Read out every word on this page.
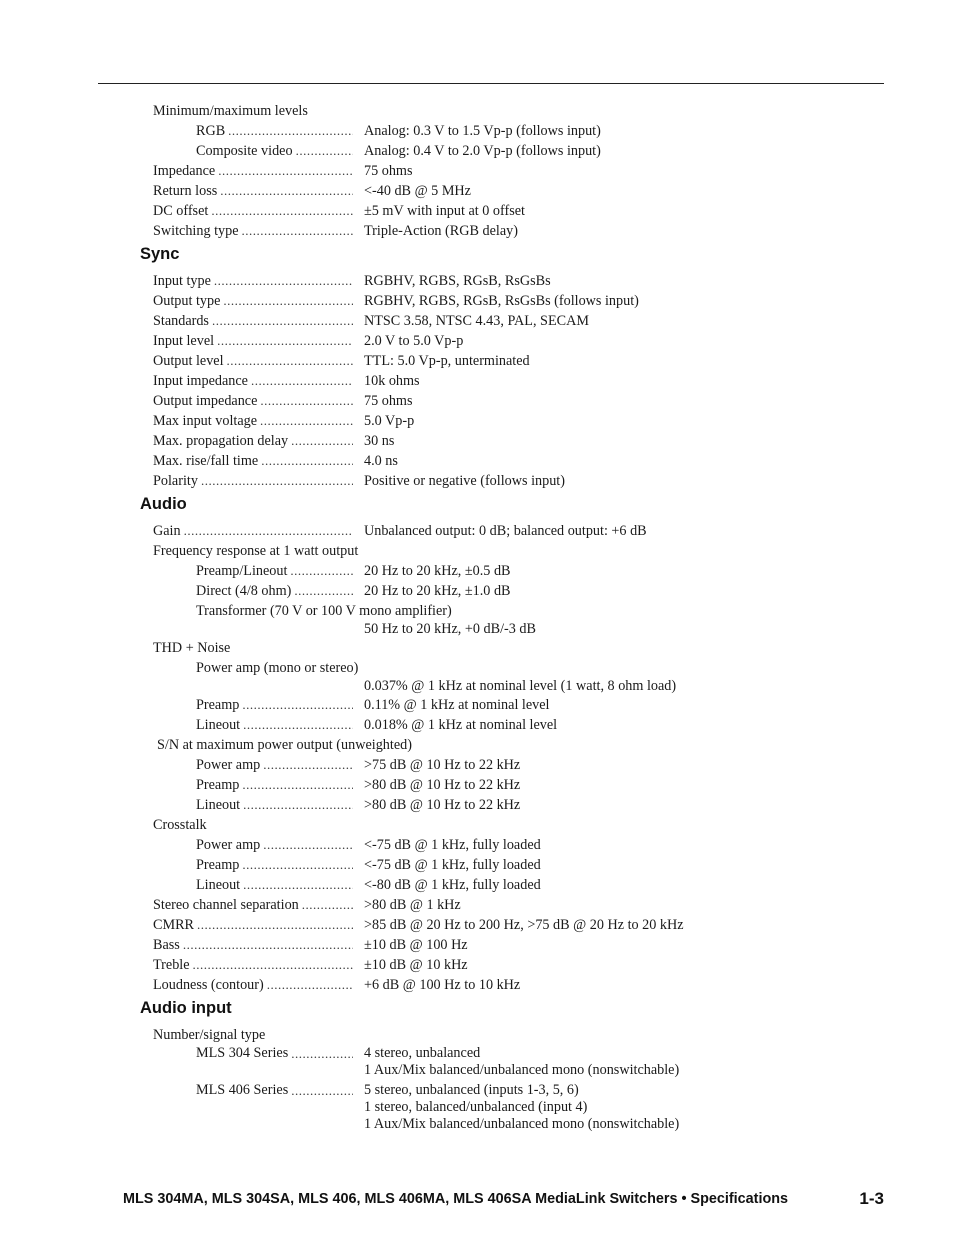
Minimum/maximum levels
RGB .....	Analog: 0.3 V to 1.5 Vp-p (follows input)
Composite video .....	Analog: 0.4 V to 2.0 Vp-p (follows input)
Impedance .....	75 ohms
Return loss .....	<-40 dB @ 5 MHz
DC offset .....	±5 mV with input at 0 offset
Switching type .....	Triple-Action (RGB delay)
Sync
Input type .....	RGBHV, RGBS, RGsB, RsGsBs
Output type .....	RGBHV, RGBS, RGsB, RsGsBs (follows input)
Standards .....	NTSC 3.58, NTSC 4.43, PAL, SECAM
Input level .....	2.0 V to 5.0 Vp-p
Output level .....	TTL: 5.0 Vp-p, unterminated
Input impedance .....	10k ohms
Output impedance .....	75 ohms
Max input voltage .....	5.0 Vp-p
Max. propagation delay .....	30 ns
Max. rise/fall time .....	4.0 ns
Polarity .....	Positive or negative (follows input)
Audio
Gain .....	Unbalanced output: 0 dB; balanced output: +6 dB
Frequency response at 1 watt output
Preamp/Lineout .....	20 Hz to 20 kHz, ±0.5 dB
Direct (4/8 ohm) .....	20 Hz to 20 kHz, ±1.0 dB
Transformer (70 V or 100 V mono amplifier)
50 Hz to 20 kHz, +0 dB/-3 dB
THD + Noise
Power amp (mono or stereo)
0.037% @ 1 kHz at nominal level (1 watt, 8 ohm load)
Preamp .....	0.11% @ 1 kHz at nominal level
Lineout .....	0.018% @ 1 kHz at nominal level
S/N at maximum power output (unweighted)
Power amp .....	>75 dB @ 10 Hz to 22 kHz
Preamp .....	>80 dB @ 10 Hz to 22 kHz
Lineout .....	>80 dB @ 10 Hz to 22 kHz
Crosstalk
Power amp .....	<-75 dB @ 1 kHz, fully loaded
Preamp .....	<-75 dB @ 1 kHz, fully loaded
Lineout .....	<-80 dB @ 1 kHz, fully loaded
Stereo channel separation .....	>80 dB @ 1 kHz
CMRR .....	>85 dB @ 20 Hz to 200 Hz, >75 dB @ 20 Hz to 20 kHz
Bass .....	±10 dB @ 100 Hz
Treble .....	±10 dB @ 10 kHz
Loudness (contour) .....	+6 dB @ 100 Hz to 10 kHz
Audio input
Number/signal type
MLS 304 Series .....	4 stereo, unbalanced
1 Aux/Mix balanced/unbalanced mono (nonswitchable)
MLS 406 Series .....	5 stereo, unbalanced (inputs 1-3, 5, 6)
1 stereo, balanced/unbalanced (input 4)
1 Aux/Mix balanced/unbalanced mono (nonswitchable)
MLS 304MA, MLS 304SA, MLS 406, MLS 406MA, MLS 406SA MediaLink Switchers • Specifications	1-3
